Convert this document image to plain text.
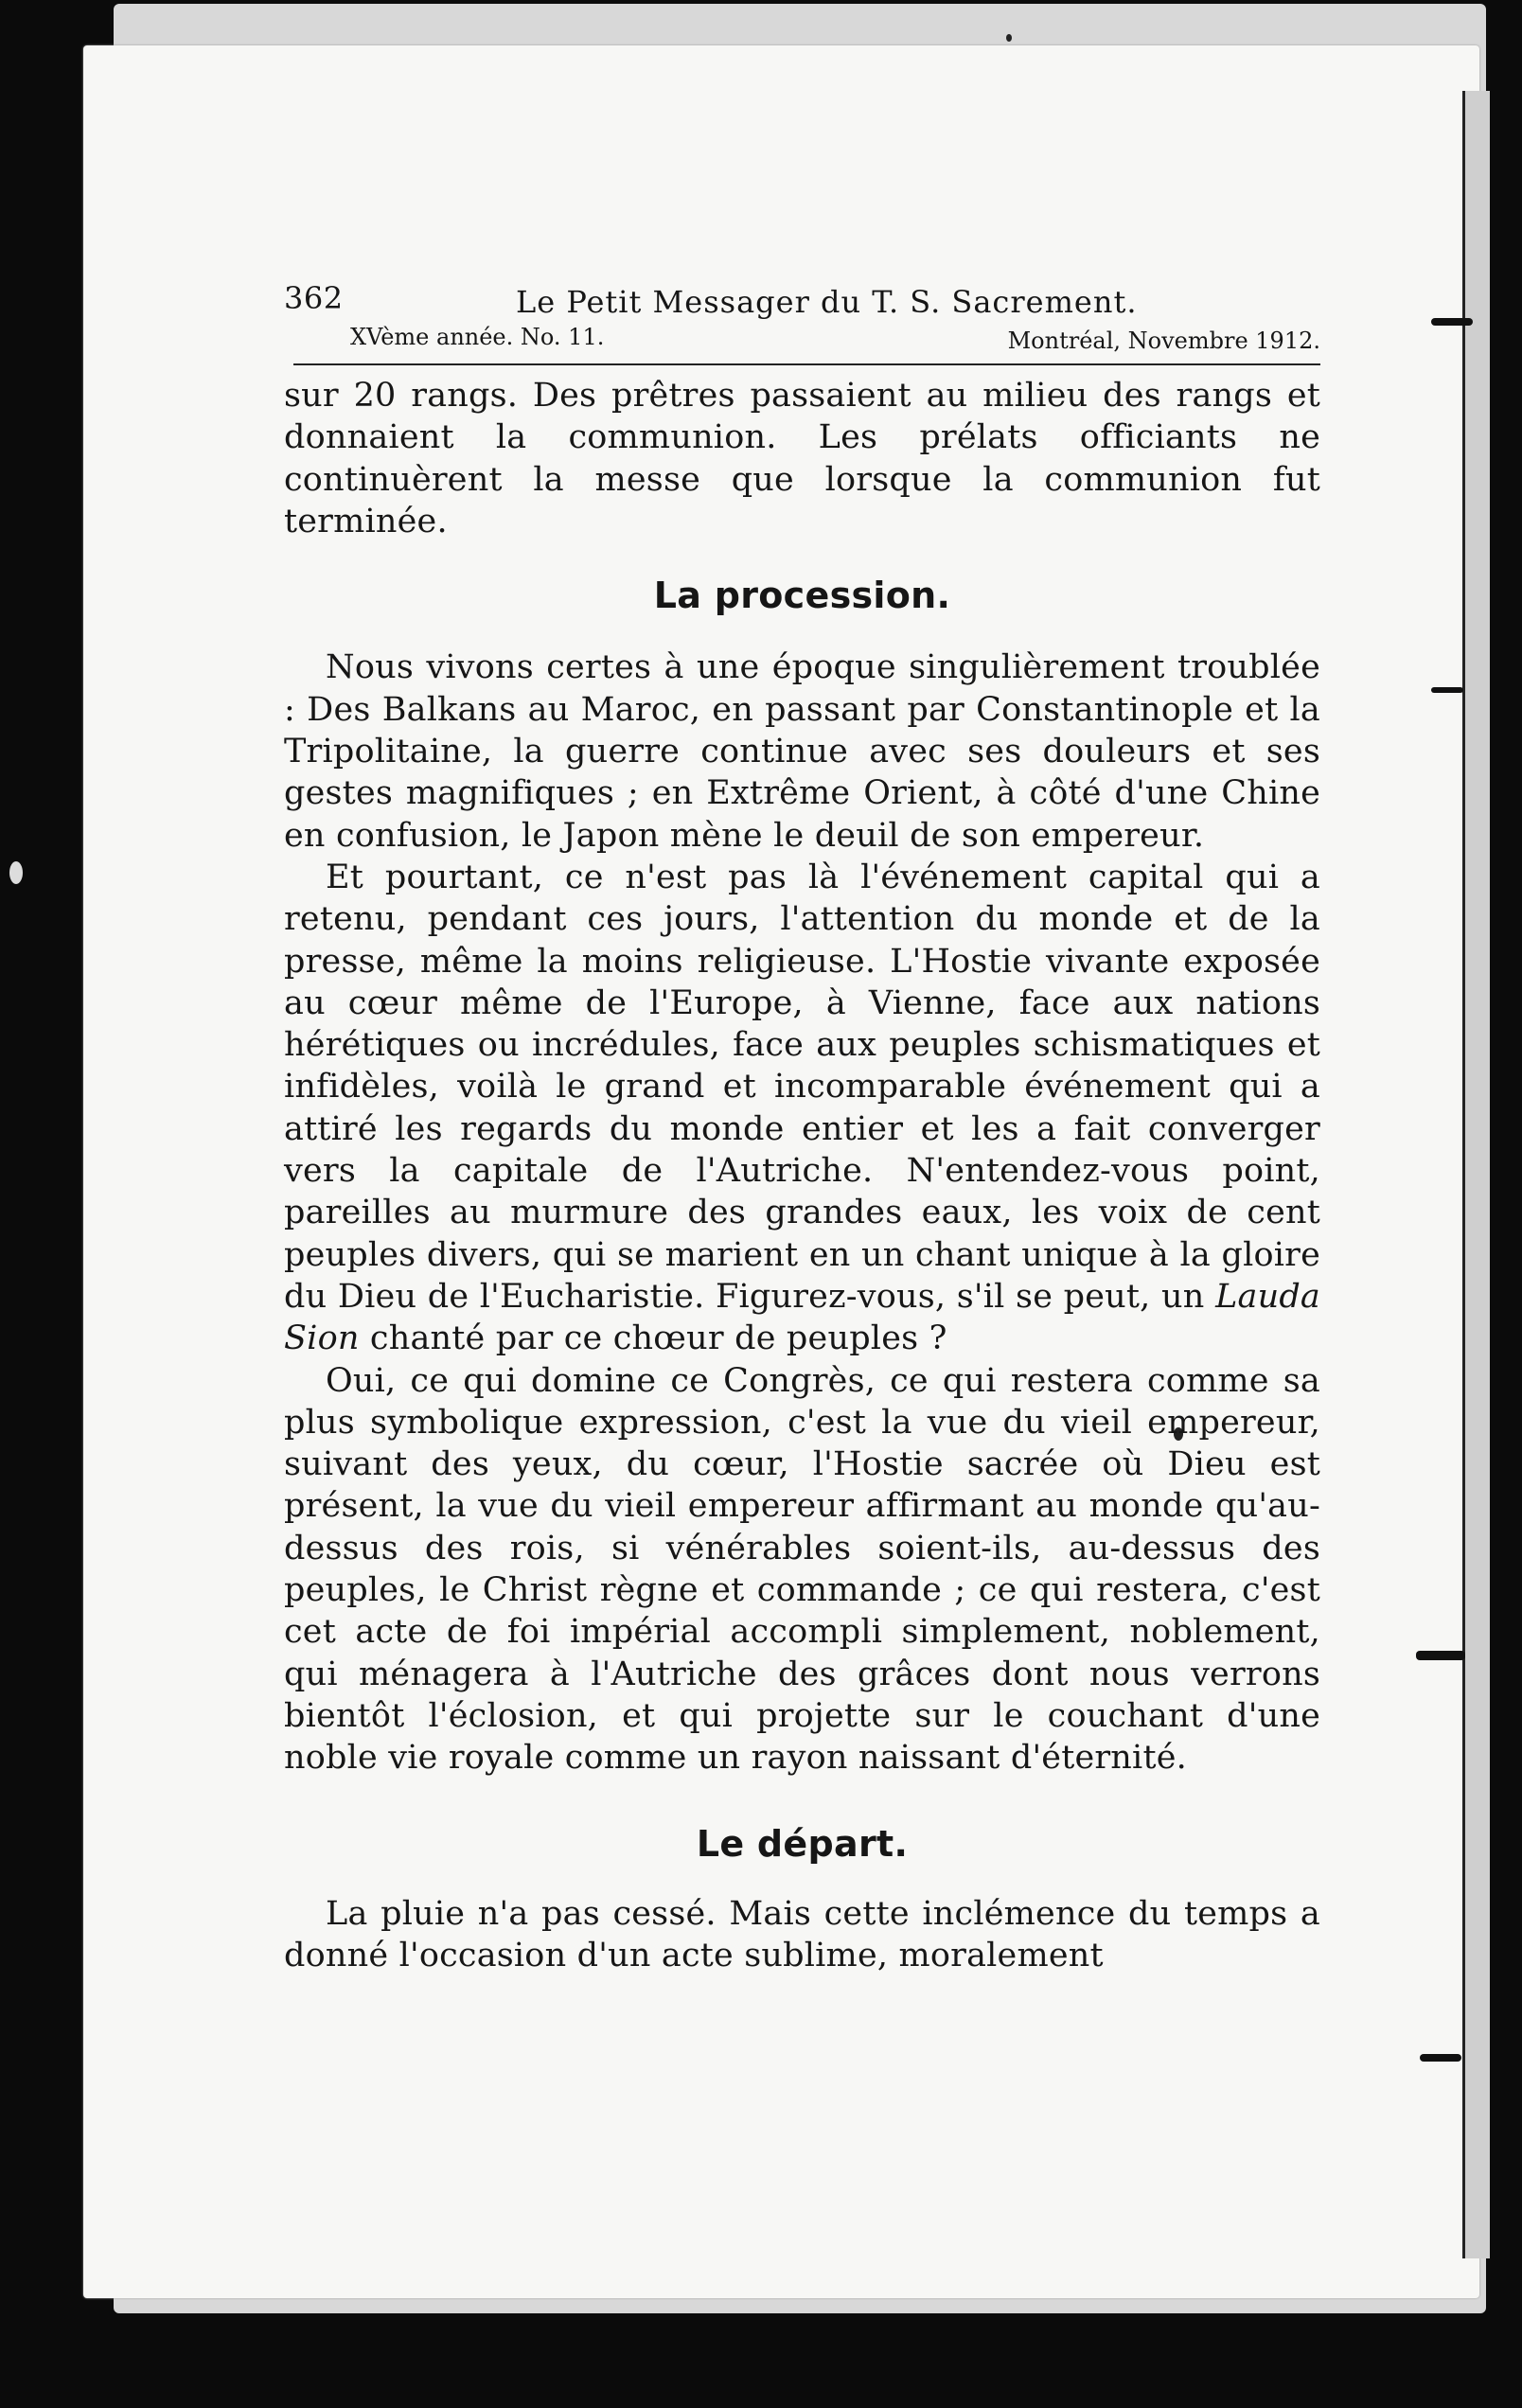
362	Le Petit Messager du T. S. Sacrement.
XVème année. No. 11.	Montréal, Novembre 1912.

sur 20 rangs. Des prêtres passaient au milieu des rangs et donnaient la communion. Les prélats officiants ne continuèrent la messe que lorsque la communion fut terminée.

La procession.

Nous vivons certes à une époque singulièrement troublée : Des Balkans au Maroc, en passant par Constantinople et la Tripolitaine, la guerre continue avec ses douleurs et ses gestes magnifiques ; en Extrême Orient, à côté d'une Chine en confusion, le Japon mène le deuil de son empereur.

Et pourtant, ce n'est pas là l'événement capital qui a retenu, pendant ces jours, l'attention du monde et de la presse, même la moins religieuse. L'Hostie vivante exposée au cœur même de l'Europe, à Vienne, face aux nations hérétiques ou incrédules, face aux peuples schismatiques et infidèles, voilà le grand et incomparable événement qui a attiré les regards du monde entier et les a fait converger vers la capitale de l'Autriche. N'entendez-vous point, pareilles au murmure des grandes eaux, les voix de cent peuples divers, qui se marient en un chant unique à la gloire du Dieu de l'Eucharistie. Figurez-vous, s'il se peut, un Lauda Sion chanté par ce chœur de peuples ?

Oui, ce qui domine ce Congrès, ce qui restera comme sa plus symbolique expression, c'est la vue du vieil empereur, suivant des yeux, du cœur, l'Hostie sacrée où Dieu est présent, la vue du vieil empereur affirmant au monde qu'au-dessus des rois, si vénérables soient-ils, au-dessus des peuples, le Christ règne et commande ; ce qui restera, c'est cet acte de foi impérial accompli simplement, noblement, qui ménagera à l'Autriche des grâces dont nous verrons bientôt l'éclosion, et qui projette sur le couchant d'une noble vie royale comme un rayon naissant d'éternité.

Le départ.

La pluie n'a pas cessé. Mais cette inclémence du temps a donné l'occasion d'un acte sublime, moralement
